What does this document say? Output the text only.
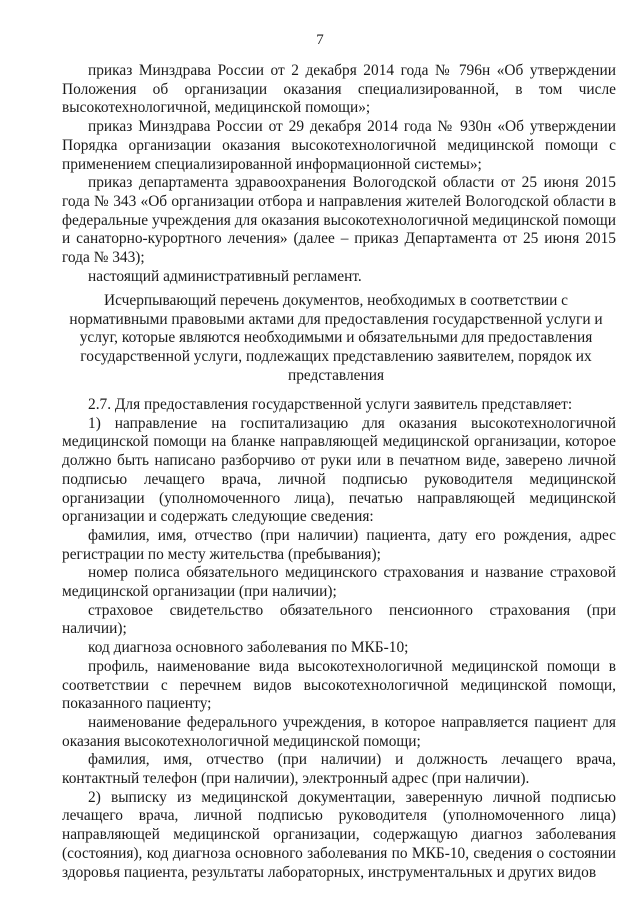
7

приказ Минздрава России от 2 декабря 2014 года № 796н «Об утверждении Положения об организации оказания специализированной, в том числе высокотехнологичной, медицинской помощи»;

приказ Минздрава России от 29 декабря 2014 года № 930н «Об утверждении Порядка организации оказания высокотехнологичной медицинской помощи с применением специализированной информационной системы»;

приказ департамента здравоохранения Вологодской области от 25 июня 2015 года № 343 «Об организации отбора и направления жителей Вологодской области в федеральные учреждения для оказания высокотехнологичной медицинской помощи и санаторно-курортного лечения» (далее – приказ Департамента от 25 июня 2015 года № 343);

настоящий административный регламент.

Исчерпывающий перечень документов, необходимых в соответствии с нормативными правовыми актами для предоставления государственной услуги и услуг, которые являются необходимыми и обязательными для предоставления государственной услуги, подлежащих представлению заявителем, порядок их представления

2.7. Для предоставления государственной услуги заявитель представляет:

1) направление на госпитализацию для оказания высокотехнологичной медицинской помощи на бланке направляющей медицинской организации, которое должно быть написано разборчиво от руки или в печатном виде, заверено личной подписью лечащего врача, личной подписью руководителя медицинской организации (уполномоченного лица), печатью направляющей медицинской организации и содержать следующие сведения:

фамилия, имя, отчество (при наличии) пациента, дату его рождения, адрес регистрации по месту жительства (пребывания);

номер полиса обязательного медицинского страхования и название страховой медицинской организации (при наличии);

страховое свидетельство обязательного пенсионного страхования (при наличии);

код диагноза основного заболевания по МКБ-10;

профиль, наименование вида высокотехнологичной медицинской помощи в соответствии с перечнем видов высокотехнологичной медицинской помощи, показанного пациенту;

наименование федерального учреждения, в которое направляется пациент для оказания высокотехнологичной медицинской помощи;

фамилия, имя, отчество (при наличии) и должность лечащего врача, контактный телефон (при наличии), электронный адрес (при наличии).

2) выписку из медицинской документации, заверенную личной подписью лечащего врача, личной подписью руководителя (уполномоченного лица) направляющей медицинской организации, содержащую диагноз заболевания (состояния), код диагноза основного заболевания по МКБ-10, сведения о состоянии здоровья пациента, результаты лабораторных, инструментальных и других видов
